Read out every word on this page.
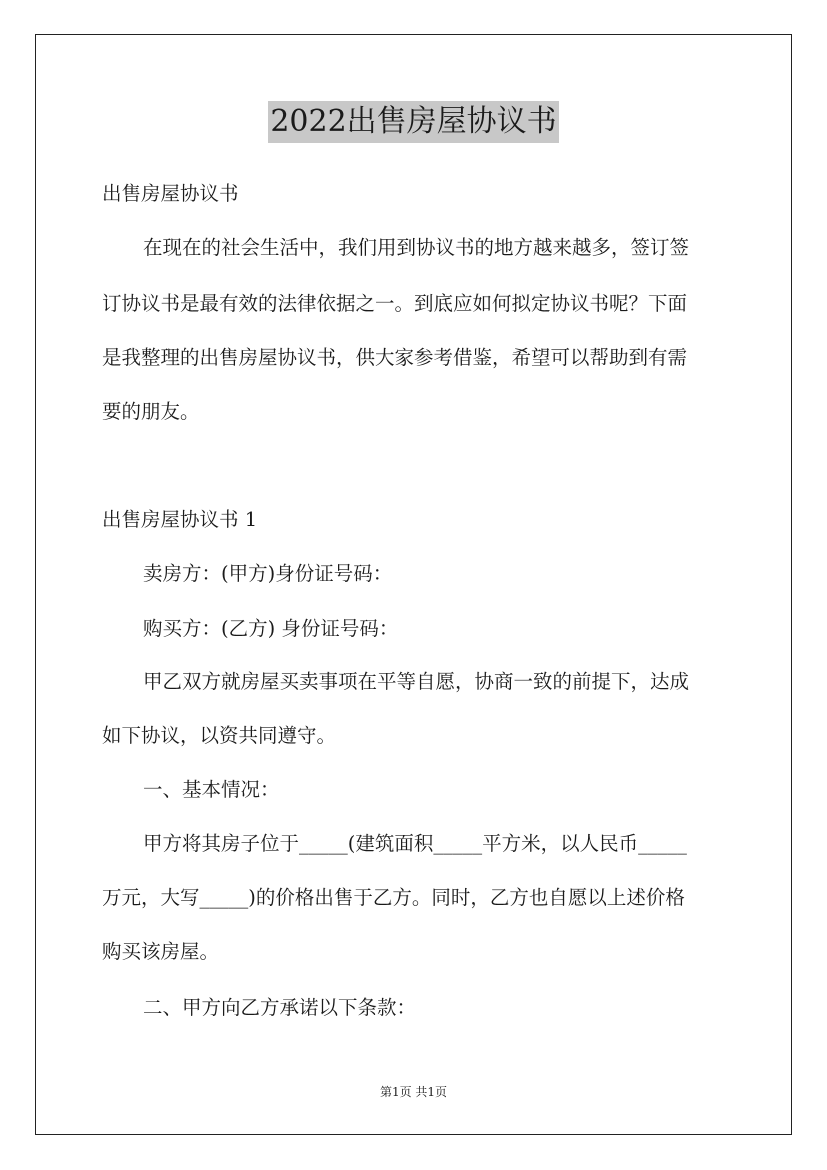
2022出售房屋协议书
出售房屋协议书
在现在的社会生活中，我们用到协议书的地方越来越多，签订签
订协议书是最有效的法律依据之一。到底应如何拟定协议书呢？下面
是我整理的出售房屋协议书，供大家参考借鉴，希望可以帮助到有需
要的朋友。
出售房屋协议书 1
卖房方：(甲方)身份证号码：
购买方：(乙方) 身份证号码：
甲乙双方就房屋买卖事项在平等自愿，协商一致的前提下，达成
如下协议，以资共同遵守。
一、基本情况：
甲方将其房子位于_____(建筑面积_____平方米，以人民币_____
万元，大写_____)的价格出售于乙方。同时，乙方也自愿以上述价格
购买该房屋。
二、甲方向乙方承诺以下条款：
第1页 共1页
